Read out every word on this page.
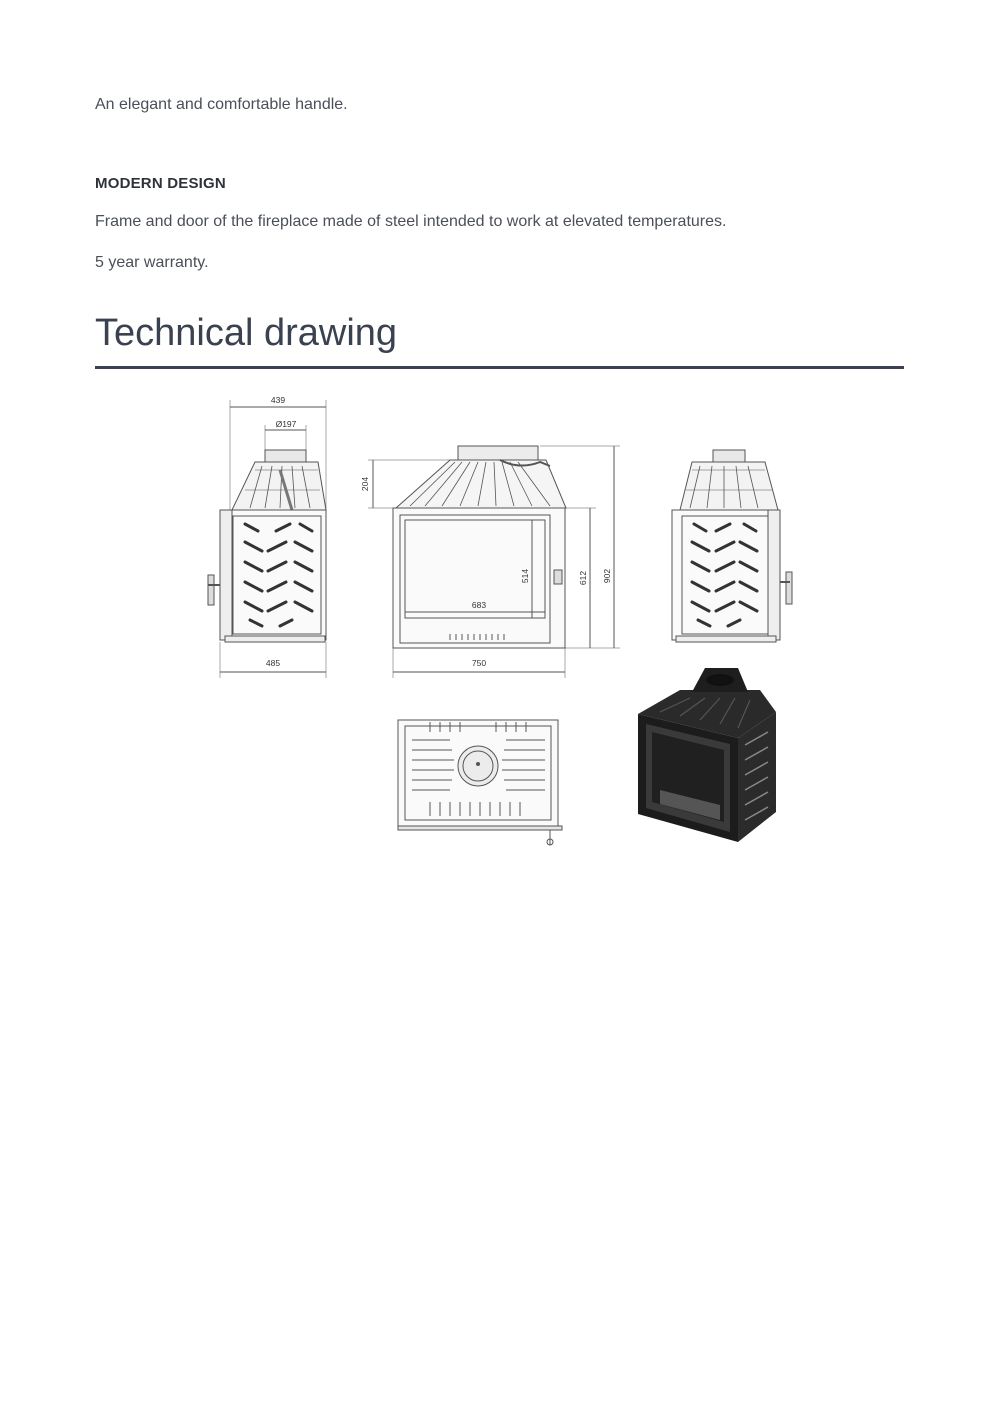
An elegant and comfortable handle.

MODERN DESIGN

Frame and door of the fireplace made of steel intended to work at elevated temperatures.

5 year warranty.

Technical drawing
439
Ø197
485	750
683
204
514	612 902
